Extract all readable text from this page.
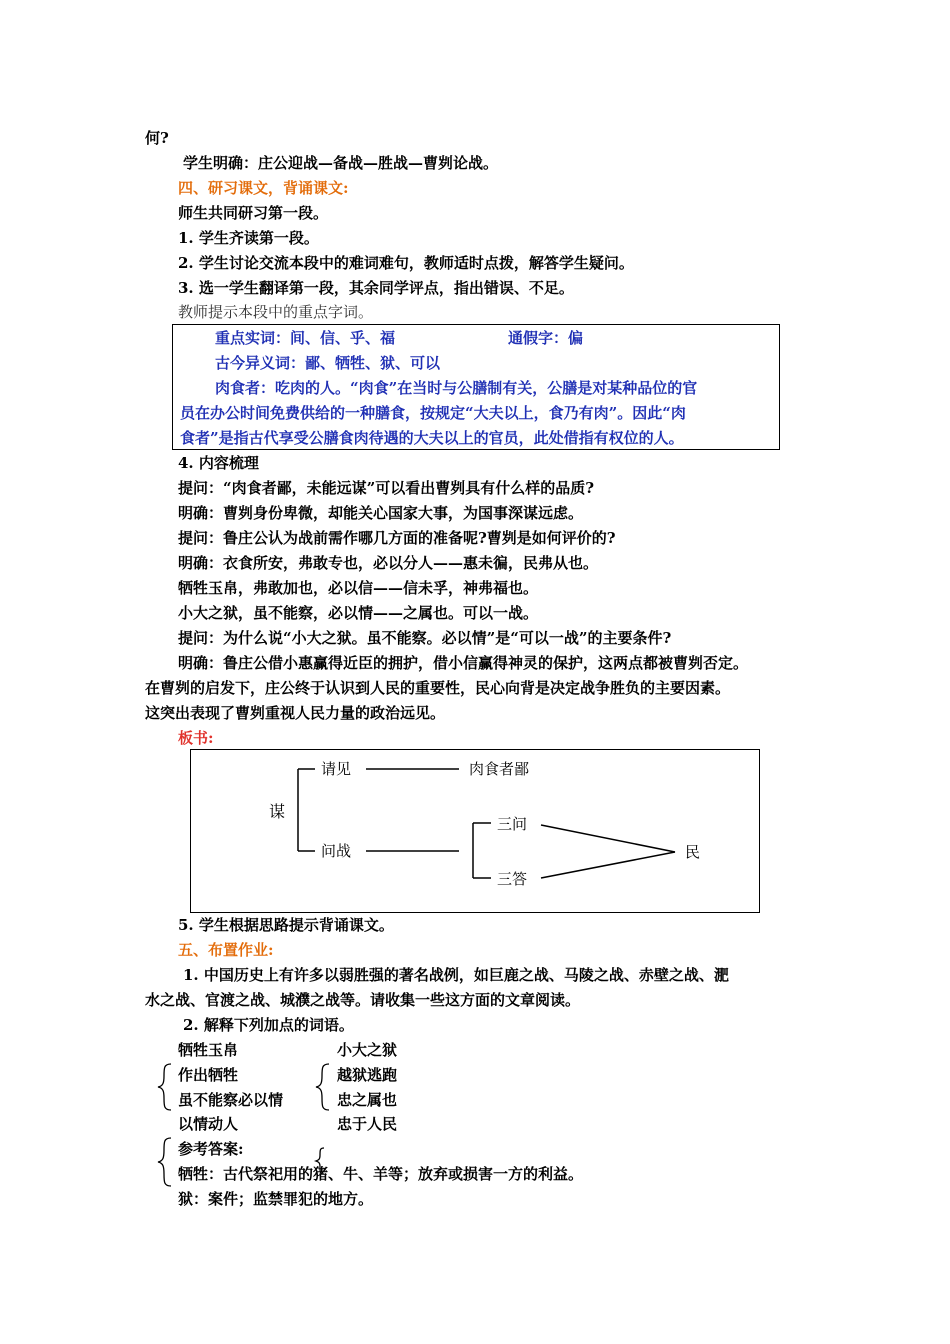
何?
学生明确：庄公迎战—备战—胜战—曹刿论战。
四、研习课文，背诵课文:
师生共同研习第一段。
1. 学生齐读第一段。
2. 学生讨论交流本段中的难词难句，教师适时点拨，解答学生疑问。
3. 选一学生翻译第一段，其余同学评点，指出错误、不足。
教师提示本段中的重点字词。
重点实词：间、信、乎、福	通假字：偏
古今异义词：鄙、牺牲、狱、可以
肉食者：吃肉的人。“肉食”在当时与公膳制有关，公膳是对某种品位的官
员在办公时间免费供给的一种膳食，按规定“大夫以上，食乃有肉”。因此“肉
食者”是指古代享受公膳食肉待遇的大夫以上的官员，此处借指有权位的人。
4. 内容梳理
提问：“肉食者鄙，未能远谋”可以看出曹刿具有什么样的品质?
明确：曹刿身份卑微，却能关心国家大事，为国事深谋远虑。
提问：鲁庄公认为战前需作哪几方面的准备呢?曹刿是如何评价的?
明确：衣食所安，弗敢专也，必以分人——惠未徧，民弗从也。
牺牲玉帛，弗敢加也，必以信——信未孚，神弗福也。
小大之狱，虽不能察，必以情——之属也。可以一战。
提问：为什么说“小大之狱。虽不能察。必以情”是“可以一战”的主要条件?
明确：鲁庄公借小惠赢得近臣的拥护，借小信赢得神灵的保护，这两点都被曹刿否定。
在曹刿的启发下，庄公终于认识到人民的重要性，民心向背是决定战争胜负的主要因素。
这突出表现了曹刿重视人民力量的政治远见。
板书:
谋
请见	肉食者鄙
问战
三问
三答
民
5. 学生根据思路提示背诵课文。
五、布置作业:
1. 中国历史上有许多以弱胜强的著名战例，如巨鹿之战、马陵之战、赤壁之战、淝
水之战、官渡之战、城濮之战等。请收集一些这方面的文章阅读。
2. 解释下列加点的词语。
牺牲玉帛	小大之狱
作出牺牲	越狱逃跑
虽不能察必以情	忠之属也
以情动人	忠于人民
参考答案:
牺牲：古代祭祀用的猪、牛、羊等；放弃或损害一方的利益。
狱：案件；监禁罪犯的地方。
